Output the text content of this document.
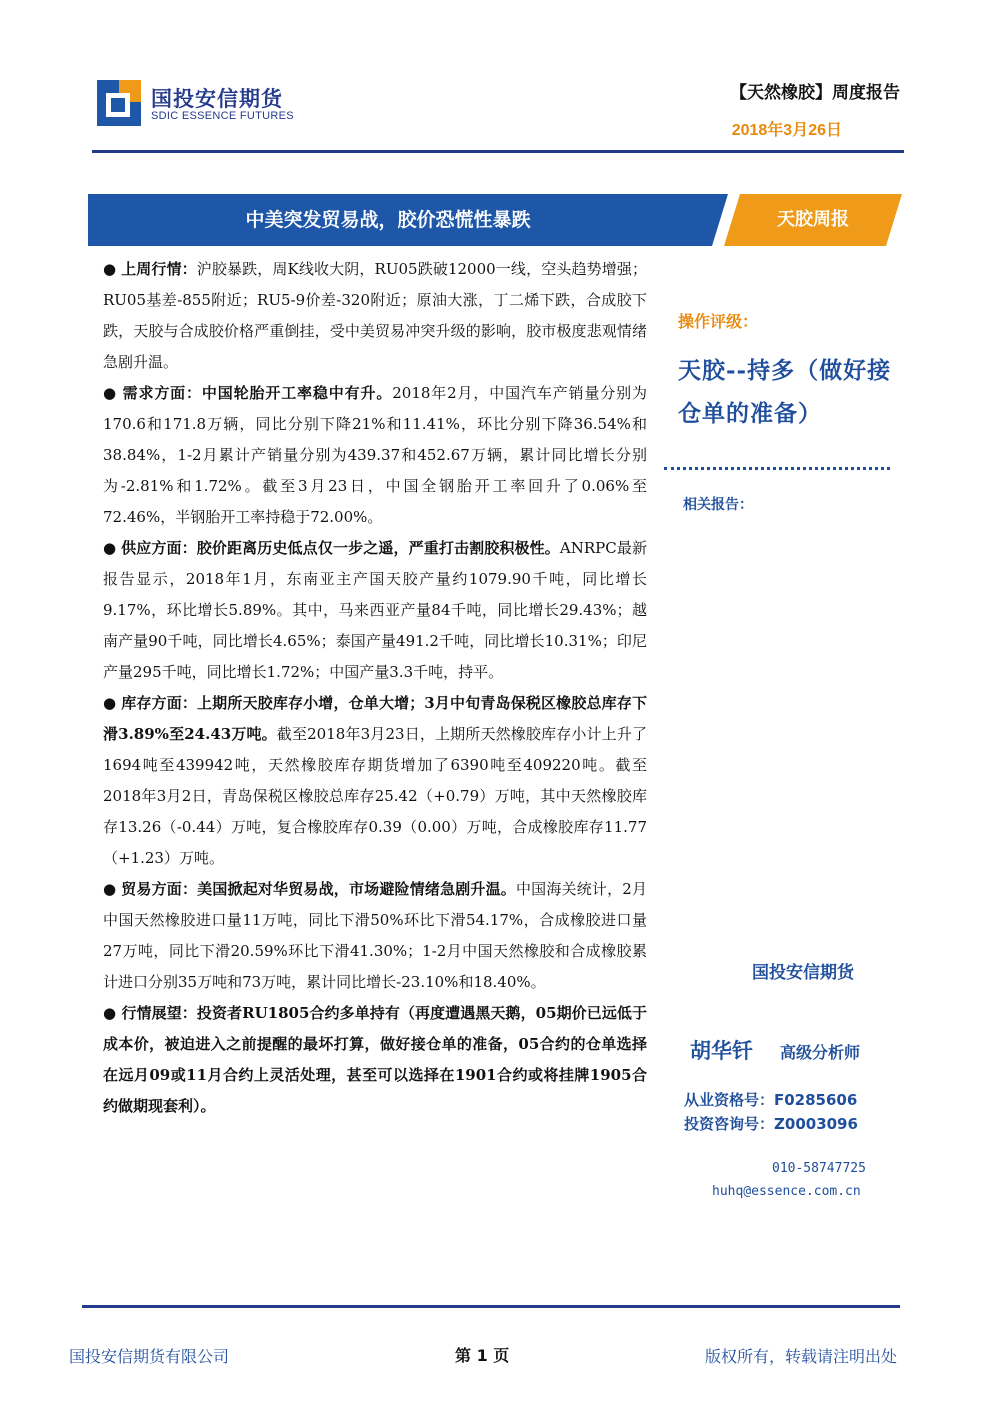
国投安信期货
SDIC ESSENCE FUTURES
【天然橡胶】周度报告
2018年3月26日
中美突发贸易战，胶价恐慌性暴跌	天胶周报

● 上周行情：沪胶暴跌，周K线收大阴，RU05跌破12000一线，空头趋势增强；RU05基差-855附近；RU5-9价差-320附近；原油大涨，丁二烯下跌，合成胶下跌，天胶与合成胶价格严重倒挂，受中美贸易冲突升级的影响，胶市极度悲观情绪急剧升温。

● 需求方面：中国轮胎开工率稳中有升。2018年2月，中国汽车产销量分别为170.6和171.8万辆，同比分别下降21%和11.41%，环比分别下降36.54%和38.84%，1-2月累计产销量分别为439.37和452.67万辆，累计同比增长分别为-2.81%和1.72%。截至3月23日，中国全钢胎开工率回升了0.06%至72.46%，半钢胎开工率持稳于72.00%。

● 供应方面：胶价距离历史低点仅一步之遥，严重打击割胶积极性。ANRPC最新报告显示，2018年1月，东南亚主产国天胶产量约1079.90千吨，同比增长9.17%，环比增长5.89%。其中，马来西亚产量84千吨，同比增长29.43%；越南产量90千吨，同比增长4.65%；泰国产量491.2千吨，同比增长10.31%；印尼产量295千吨，同比增长1.72%；中国产量3.3千吨，持平。

● 库存方面：上期所天胶库存小增，仓单大增；3月中旬青岛保税区橡胶总库存下滑3.89%至24.43万吨。截至2018年3月23日，上期所天然橡胶库存小计上升了1694吨至439942吨，天然橡胶库存期货增加了6390吨至409220吨。截至2018年3月2日，青岛保税区橡胶总库存25.42（+0.79）万吨，其中天然橡胶库存13.26（-0.44）万吨，复合橡胶库存0.39（0.00）万吨，合成橡胶库存11.77（+1.23）万吨。

● 贸易方面：美国掀起对华贸易战，市场避险情绪急剧升温。中国海关统计，2月中国天然橡胶进口量11万吨，同比下滑50%环比下滑54.17%，合成橡胶进口量27万吨，同比下滑20.59%环比下滑41.30%；1-2月中国天然橡胶和合成橡胶累计进口分别35万吨和73万吨，累计同比增长-23.10%和18.40%。

● 行情展望：投资者RU1805合约多单持有（再度遭遇黑天鹅，05期价已远低于成本价，被迫进入之前提醒的最坏打算，做好接仓单的准备，05合约的仓单选择在远月09或11月合约上灵活处理，甚至可以选择在1901合约或将挂牌1905合约做期现套利）。

操作评级：
天胶--持多（做好接仓单的准备）
相关报告：
国投安信期货
胡华钎 高级分析师
从业资格号：F0285606
投资咨询号：Z0003096
010-58747725
huhq@essence.com.cn
国投安信期货有限公司	第 1 页	版权所有，转载请注明出处
